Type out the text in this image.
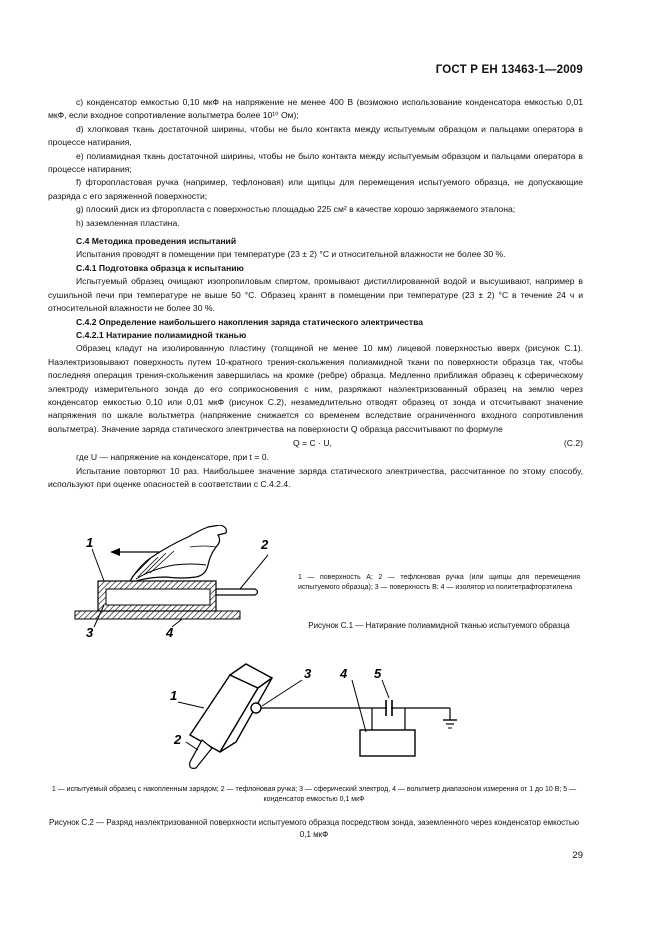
ГОСТ Р ЕН 13463-1—2009

с) конденсатор емкостью 0,10 мкФ на напряжение не менее 400 В (возможно использование конденсатора емкостью 0,01 мкФ, если входное сопротивление вольтметра более 10¹⁰ Ом);

d) хлопковая ткань достаточной ширины, чтобы не было контакта между испытуемым образцом и пальцами оператора в процессе натирания,

е) полиамидная ткань достаточной ширины, чтобы не было контакта между испытуемым образцом и пальцами оператора в процессе натирания;

f) фторопластовая ручка (например, тефлоновая) или щипцы для перемещения испытуемого образца, не допускающие разряда с его заряженной поверхности;

g) плоский диск из фторопласта с поверхностью площадью 225 см² в качестве хорошо заряжаемого эталона;

h) заземленная пластина.

С.4 Методика проведения испытаний

Испытания проводят в помещении при температуре (23 ± 2) °С и относительной влажности не более 30 %.

С.4.1 Подготовка образца к испытанию

Испытуемый образец очищают изопропиловым спиртом, промывают дистиллированной водой и высушивают, например в сушильной печи при температуре не выше 50 °С. Образец хранят в помещении при температуре (23 ± 2) °С в течение 24 ч и относительной влажности не более 30 %.

С.4.2 Определение наибольшего накопления заряда статического электричества

С.4.2.1 Натирание полиамидной тканью

Образец кладут на изолированную пластину (толщиной не менее 10 мм) лицевой поверхностью вверх (рисунок С.1). Наэлектризовывают поверхность путем 10-кратного трения-скольжения полиамидной ткани по поверхности образца так, чтобы последняя операция трения-скольжения завершилась на кромке (ребре) образца. Медленно приближая образец к сферическому электроду измерительного зонда до его соприкосновения с ним, разряжают наэлектризованный образец на землю через конденсатор емкостью 0,10 или 0,01 мкФ (рисунок С.2), незамедлительно отводят образец от зонда и отсчитывают значение напряжения по шкале вольтметра (напряжение снижается со временем вследствие ограниченного входного сопротивления вольтметра). Значение заряда статического электричества на поверхности Q образца рассчитывают по формуле

Q = C · U,	(С.2)

где U — напряжение на конденсаторе, при t = 0.

Испытание повторяют 10 раз. Наибольшее значение заряда статического электричества, рассчитанное по этому способу, используют при оценке опасностей в соответствии с С.4.2.4.

1	2
3	4
1 — поверхность А; 2 — тефлоновая ручка (или щипцы для перемещения испытуемого образца); 3 — поверхность В; 4 — изолятор из политетрафторэтилена
Рисунок С.1 — Натирание полиамидной тканью испытуемого образца
1
2
3 4 5
1 — испытуемый образец с накопленным зарядом; 2 — тефлоновая ручка; 3 — сферический электрод, 4 — вольтметр диапазоном измерения от 1 до 10 В; 5 — конденсатор емкостью 0,1 мкФ
Рисунок С.2 — Разряд наэлектризованной поверхности испытуемого образца посредством зонда, заземленного через конденсатор емкостью 0,1 мкФ
29
